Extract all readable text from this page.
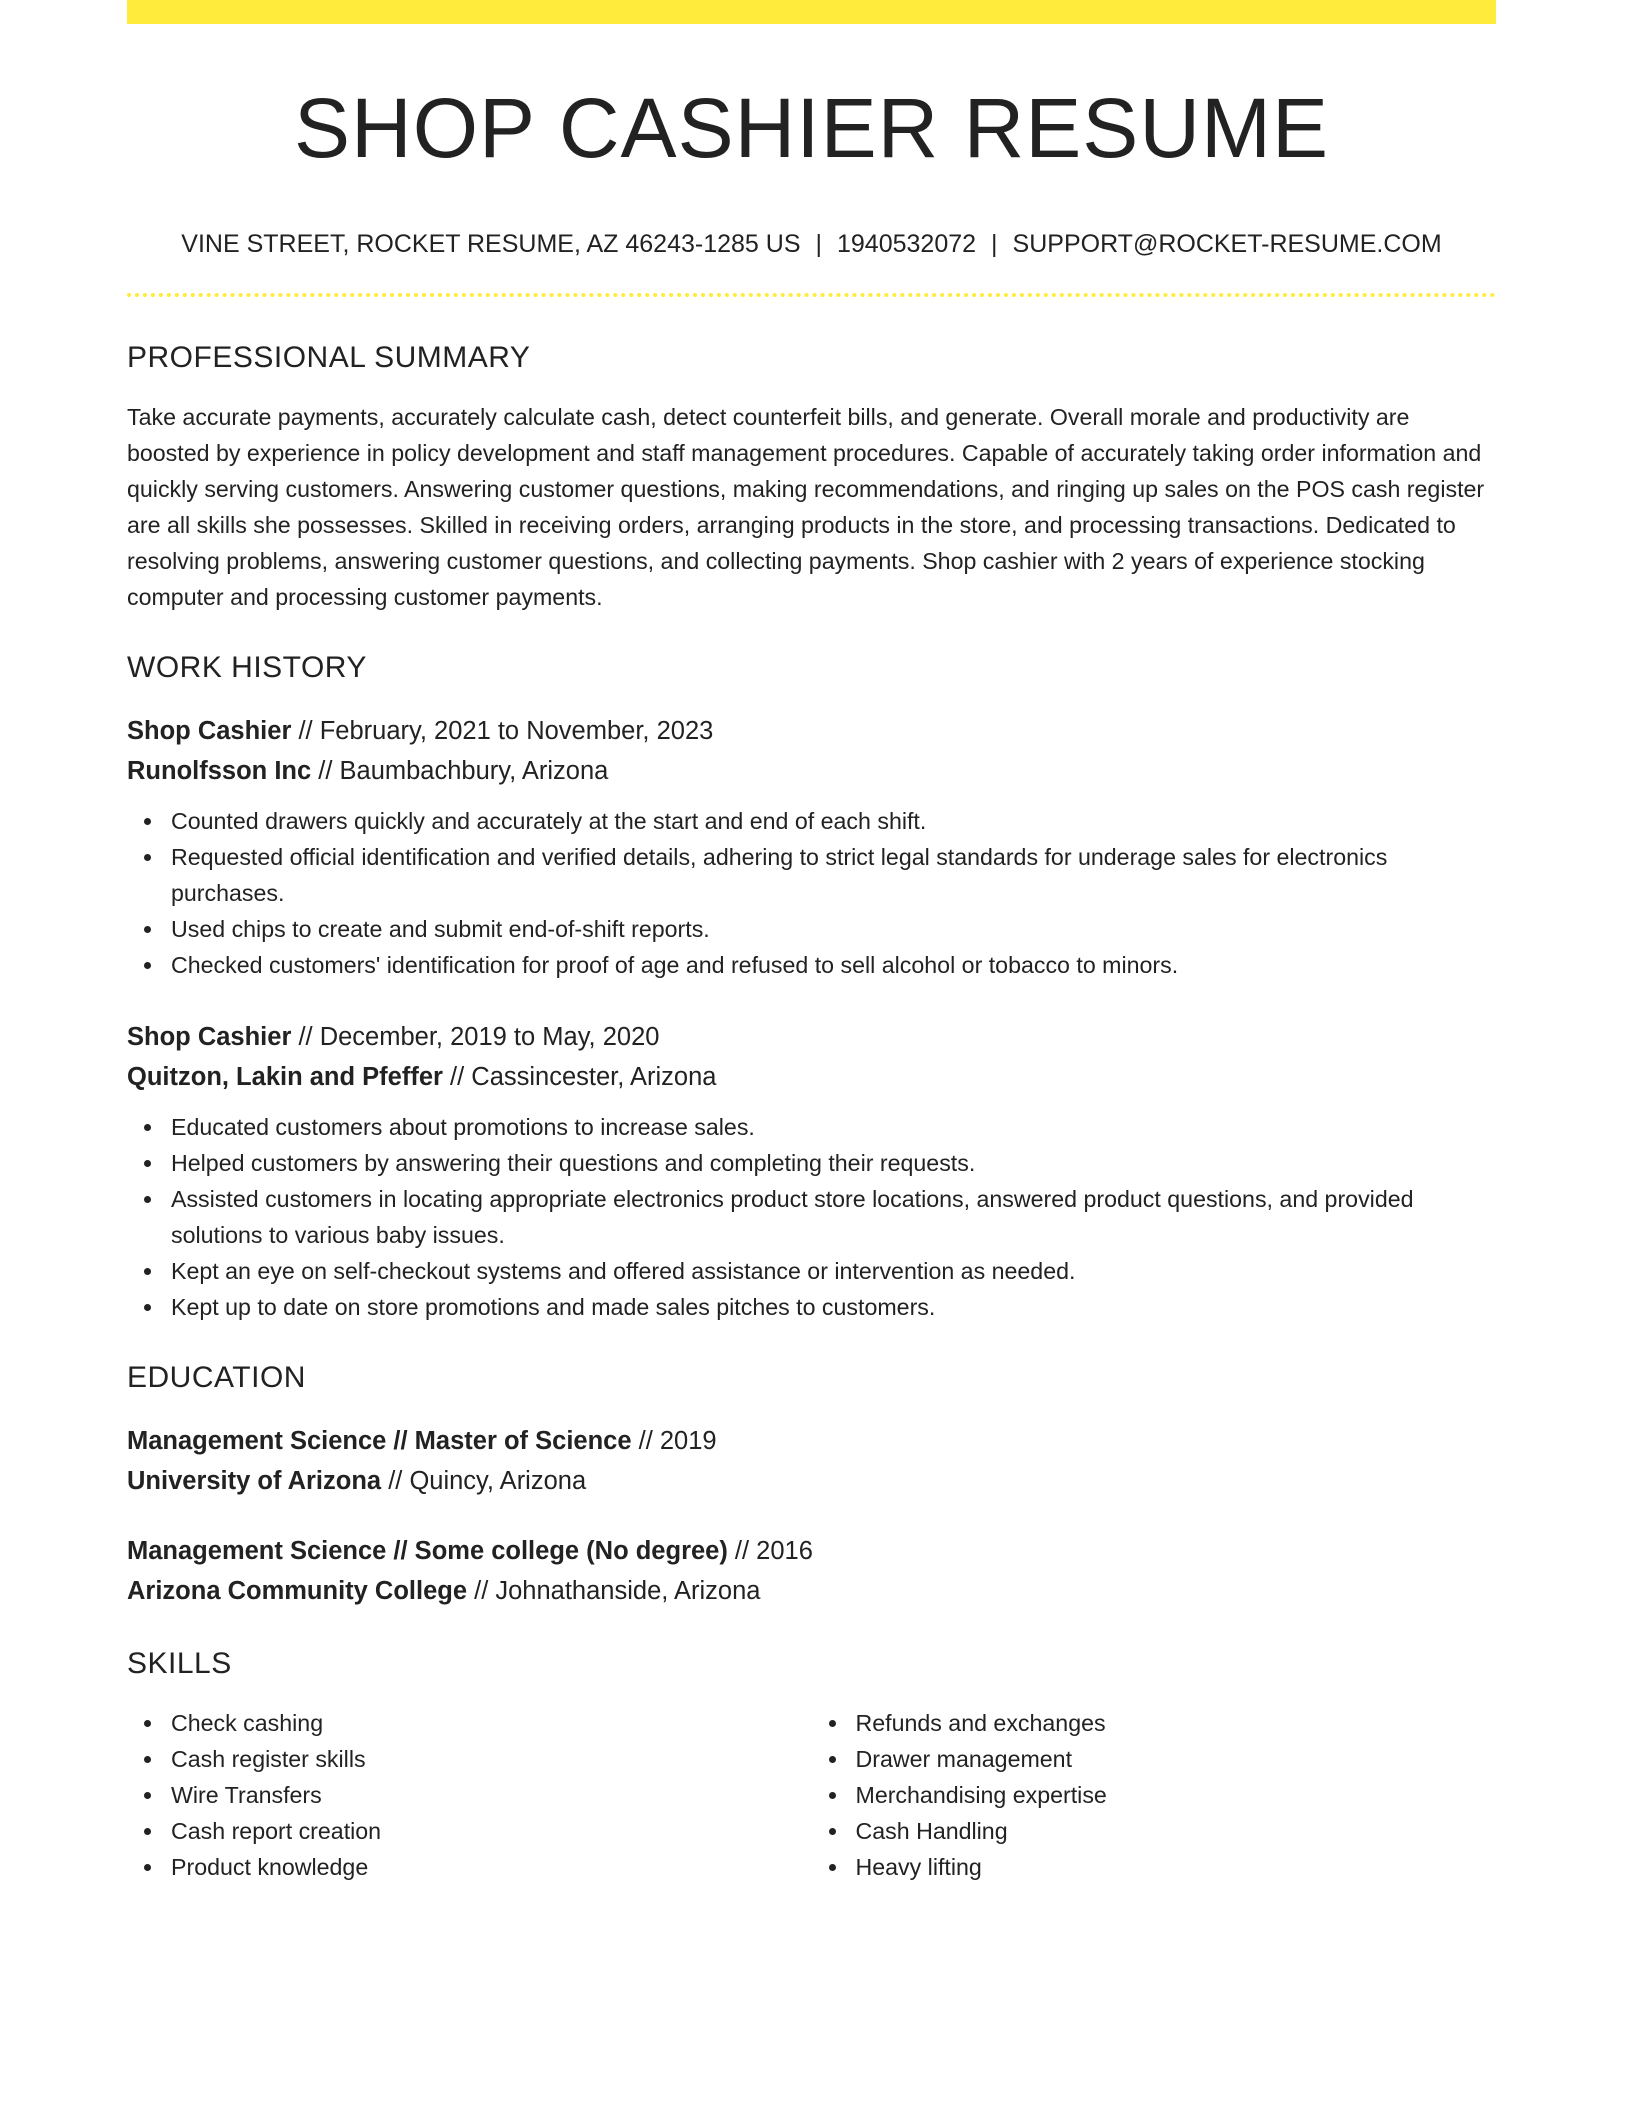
SHOP CASHIER RESUME
VINE STREET, ROCKET RESUME, AZ 46243-1285 US | 1940532072 | SUPPORT@ROCKET-RESUME.COM
PROFESSIONAL SUMMARY

Take accurate payments, accurately calculate cash, detect counterfeit bills, and generate. Overall morale and productivity are boosted by experience in policy development and staff management procedures. Capable of accurately taking order information and quickly serving customers. Answering customer questions, making recommendations, and ringing up sales on the POS cash register are all skills she possesses. Skilled in receiving orders, arranging products in the store, and processing transactions. Dedicated to resolving problems, answering customer questions, and collecting payments. Shop cashier with 2 years of experience stocking computer and processing customer payments.

WORK HISTORY
Shop Cashier // February, 2021 to November, 2023
Runolfsson Inc // Baumbachbury, Arizona
Counted drawers quickly and accurately at the start and end of each shift.
Requested official identification and verified details, adhering to strict legal standards for underage sales for electronics purchases.
Used chips to create and submit end-of-shift reports.
Checked customers' identification for proof of age and refused to sell alcohol or tobacco to minors.
Shop Cashier // December, 2019 to May, 2020
Quitzon, Lakin and Pfeffer // Cassincester, Arizona
Educated customers about promotions to increase sales.
Helped customers by answering their questions and completing their requests.
Assisted customers in locating appropriate electronics product store locations, answered product questions, and provided solutions to various baby issues.
Kept an eye on self-checkout systems and offered assistance or intervention as needed.
Kept up to date on store promotions and made sales pitches to customers.
EDUCATION
Management Science // Master of Science // 2019
University of Arizona // Quincy, Arizona
Management Science // Some college (No degree) // 2016
Arizona Community College // Johnathanside, Arizona
SKILLS
Check cashing
Cash register skills
Wire Transfers
Cash report creation
Product knowledge
Refunds and exchanges
Drawer management
Merchandising expertise
Cash Handling
Heavy lifting
